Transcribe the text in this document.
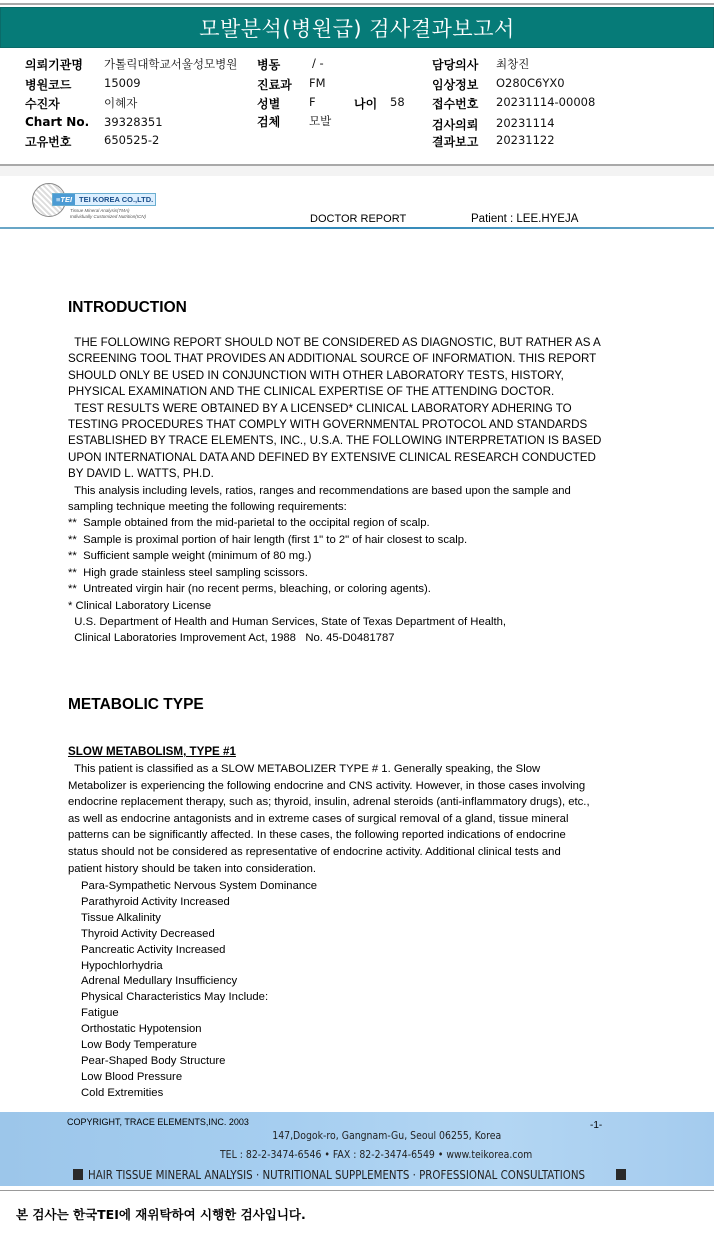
모발분석(병원급) 검사결과보고서
의뢰기관명 가톨릭대학교서울성모병원 병동	/ -	담당의사 최창진
병원코드	15009	진료과 FM	임상정보 O280C6YX0
수진자	이혜자	성별	F	나이 58 접수번호 20231114-00008
Chart No. 39328351	검체	모발	검사의뢰 20231114
고유번호	650525-2	결과보고 20231122
≡TEI TEI KOREA CO.,LTD.
Tissue Mineral Analysis(TMA)
Individually Customized Nutrition(ICN)	DOCTOR REPORT	Patient : LEE.HYEJA
INTRODUCTION
THE FOLLOWING REPORT SHOULD NOT BE CONSIDERED AS DIAGNOSTIC, BUT RATHER AS A
SCREENING TOOL THAT PROVIDES AN ADDITIONAL SOURCE OF INFORMATION. THIS REPORT
SHOULD ONLY BE USED IN CONJUNCTION WITH OTHER LABORATORY TESTS, HISTORY,
PHYSICAL EXAMINATION AND THE CLINICAL EXPERTISE OF THE ATTENDING DOCTOR.
TEST RESULTS WERE OBTAINED BY A LICENSED* CLINICAL LABORATORY ADHERING TO
TESTING PROCEDURES THAT COMPLY WITH GOVERNMENTAL PROTOCOL AND STANDARDS
ESTABLISHED BY TRACE ELEMENTS, INC., U.S.A. THE FOLLOWING INTERPRETATION IS BASED
UPON INTERNATIONAL DATA AND DEFINED BY EXTENSIVE CLINICAL RESEARCH CONDUCTED
BY DAVID L. WATTS, PH.D.
This analysis including levels, ratios, ranges and recommendations are based upon the sample and
sampling technique meeting the following requirements:
**  Sample obtained from the mid-parietal to the occipital region of scalp.
**  Sample is proximal portion of hair length (first 1" to 2" of hair closest to scalp.
**  Sufficient sample weight (minimum of 80 mg.)
**  High grade stainless steel sampling scissors.
**  Untreated virgin hair (no recent perms, bleaching, or coloring agents).
* Clinical Laboratory License
U.S. Department of Health and Human Services, State of Texas Department of Health,
Clinical Laboratories Improvement Act, 1988   No. 45-D0481787
METABOLIC TYPE
SLOW METABOLISM, TYPE #1
This patient is classified as a SLOW METABOLIZER TYPE # 1. Generally speaking, the Slow
Metabolizer is experiencing the following endocrine and CNS activity. However, in those cases involving
endocrine replacement therapy, such as; thyroid, insulin, adrenal steroids (anti-inflammatory drugs), etc.,
as well as endocrine antagonists and in extreme cases of surgical removal of a gland, tissue mineral
patterns can be significantly affected. In these cases, the following reported indications of endocrine
status should not be considered as representative of endocrine activity. Additional clinical tests and
patient history should be taken into consideration.
Para-Sympathetic Nervous System Dominance
Parathyroid Activity Increased
Tissue Alkalinity
Thyroid Activity Decreased
Pancreatic Activity Increased
Hypochlorhydria
Adrenal Medullary Insufficiency
Physical Characteristics May Include:
Fatigue
Orthostatic Hypotension
Low Body Temperature
Pear-Shaped Body Structure
Low Blood Pressure
Cold Extremities
COPYRIGHT, TRACE ELEMENTS,INC. 2003	-1-
147,Dogok-ro, Gangnam-Gu, Seoul 06255, Korea
TEL : 82-2-3474-6546 • FAX : 82-2-3474-6549 • www.teikorea.com
HAIR TISSUE MINERAL ANALYSIS · NUTRITIONAL SUPPLEMENTS · PROFESSIONAL CONSULTATIONS
본 검사는 한국TEI에 재위탁하여 시행한 검사입니다.
